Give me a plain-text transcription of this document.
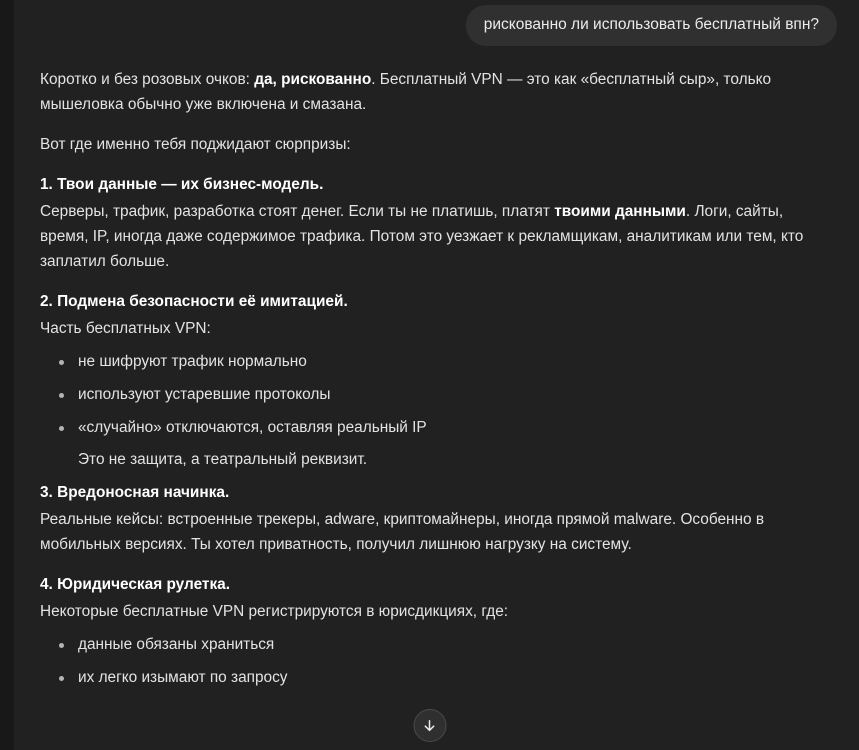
рискованно ли использовать бесплатный впн?

Коротко и без розовых очков: да, рискованно. Бесплатный VPN — это как «бесплатный сыр», только мышеловка обычно уже включена и смазана.

Вот где именно тебя поджидают сюрпризы:

1. Твои данные — их бизнес-модель.

Серверы, трафик, разработка стоят денег. Если ты не платишь, платят твоими данными. Логи, сайты, время, IP, иногда даже содержимое трафика. Потом это уезжает к рекламщикам, аналитикам или тем, кто заплатил больше.

2. Подмена безопасности её имитацией.

Часть бесплатных VPN:

не шифруют трафик нормально
используют устаревшие протоколы
«случайно» отключаются, оставляя реальный IP
Это не защита, а театральный реквизит.

3. Вредоносная начинка.

Реальные кейсы: встроенные трекеры, adware, криптомайнеры, иногда прямой malware. Особенно в мобильных версиях. Ты хотел приватность, получил лишнюю нагрузку на систему.

4. Юридическая рулетка.

Некоторые бесплатные VPN регистрируются в юрисдикциях, где:

данные обязаны храниться
их легко изымают по запросу
